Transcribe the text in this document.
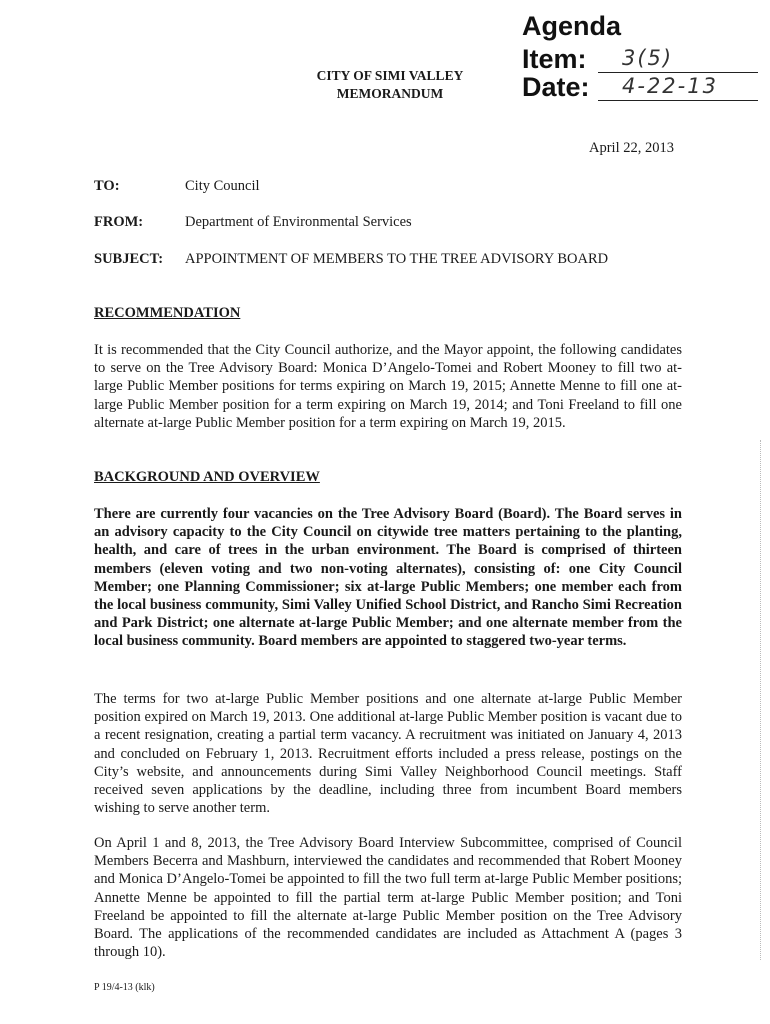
Agenda
Item: 3(5)
Date: 4-22-13
CITY OF SIMI VALLEY
MEMORANDUM
April 22, 2013
TO:	City Council
FROM:	Department of Environmental Services
SUBJECT: APPOINTMENT OF MEMBERS TO THE TREE ADVISORY BOARD
RECOMMENDATION
It is recommended that the City Council authorize, and the Mayor appoint, the following candidates to serve on the Tree Advisory Board: Monica D’Angelo-Tomei and Robert Mooney to fill two at-large Public Member positions for terms expiring on March 19, 2015; Annette Menne to fill one at-large Public Member position for a term expiring on March 19, 2014; and Toni Freeland to fill one alternate at-large Public Member position for a term expiring on March 19, 2015.
BACKGROUND AND OVERVIEW
There are currently four vacancies on the Tree Advisory Board (Board). The Board serves in an advisory capacity to the City Council on citywide tree matters pertaining to the planting, health, and care of trees in the urban environment. The Board is comprised of thirteen members (eleven voting and two non-voting alternates), consisting of: one City Council Member; one Planning Commissioner; six at-large Public Members; one member each from the local business community, Simi Valley Unified School District, and Rancho Simi Recreation and Park District; one alternate at-large Public Member; and one alternate member from the local business community. Board members are appointed to staggered two-year terms.
The terms for two at-large Public Member positions and one alternate at-large Public Member position expired on March 19, 2013. One additional at-large Public Member position is vacant due to a recent resignation, creating a partial term vacancy. A recruitment was initiated on January 4, 2013 and concluded on February 1, 2013. Recruitment efforts included a press release, postings on the City’s website, and announcements during Simi Valley Neighborhood Council meetings. Staff received seven applications by the deadline, including three from incumbent Board members wishing to serve another term.
On April 1 and 8, 2013, the Tree Advisory Board Interview Subcommittee, comprised of Council Members Becerra and Mashburn, interviewed the candidates and recommended that Robert Mooney and Monica D’Angelo-Tomei be appointed to fill the two full term at-large Public Member positions; Annette Menne be appointed to fill the partial term at-large Public Member position; and Toni Freeland be appointed to fill the alternate at-large Public Member position on the Tree Advisory Board. The applications of the recommended candidates are included as Attachment A (pages 3 through 10).
P 19/4-13 (klk)
